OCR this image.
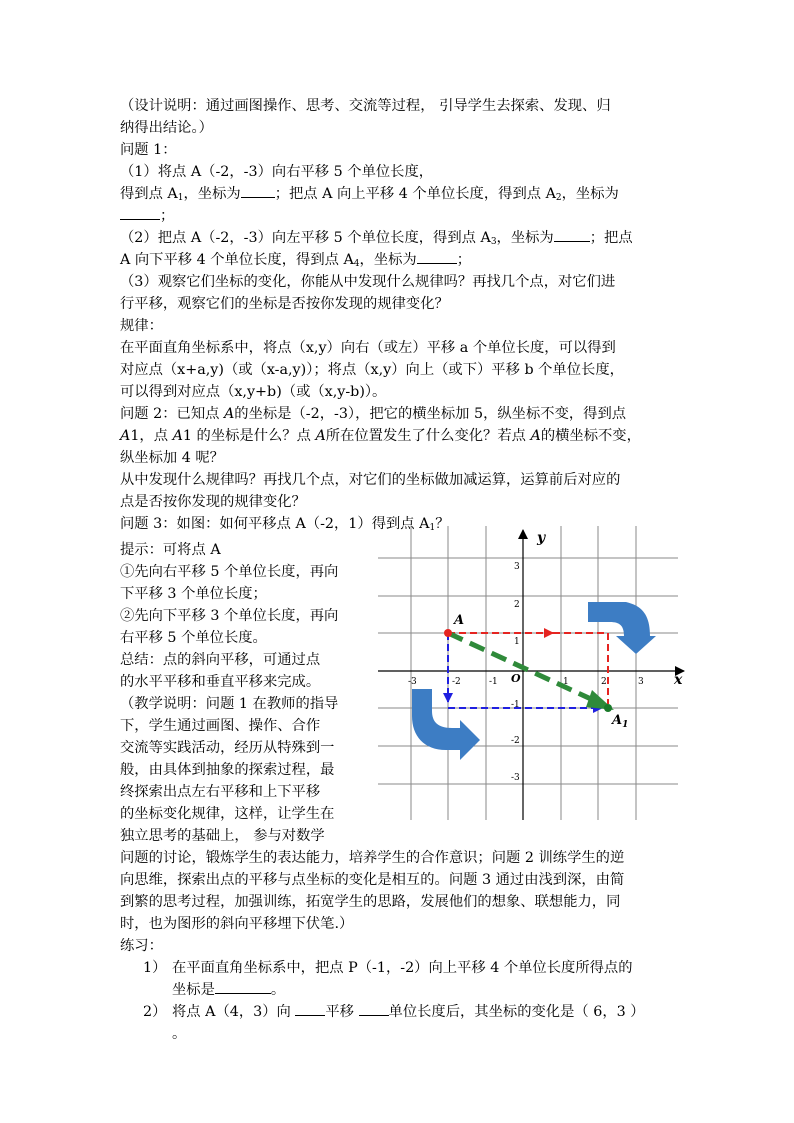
（设计说明：通过画图操作、思考、交流等过程， 引导学生去探索、发现、归
纳得出结论。）
问题 1：
（1）将点 A（-2，-3）向右平移 5 个单位长度，
得到点 $A_1$，坐标为 ；把点 A 向上平移 4 个单位长度，得到点 $A_2$，坐标为
；
（2）把点 A（-2，-3）向左平移 5 个单位长度，得到点 $A_3$，坐标为	；把点
A 向下平移 4 个单位长度，得到点 $A_4$，坐标为	；
（3）观察它们坐标的变化，你能从中发现什么规律吗？再找几个点，对它们进
行平移，观察它们的坐标是否按你发现的规律变化？
规律：
在平面直角坐标系中，将点（x,y）向右（或左）平移 a 个单位长度，可以得到
对应点（x+a,y)（或（x-a,y)）；将点（x,y）向上（或下）平移 b 个单位长度，
可以得到对应点（x,y+b)（或（x,y-b)）。
问题 2：已知点 A的坐标是（-2，-3），把它的横坐标加 5，纵坐标不变，得到点
A1，点 A1 的坐标是什么？点 A所在位置发生了什么变化？若点 A的横坐标不变，
纵坐标加 4 呢？
从中发现什么规律吗？再找几个点，对它们的坐标做加减运算，运算前后对应的
点是否按你发现的规律变化？
问题 3：如图：如何平移点 A（-2，1）得到点 $A_1$？
提示：可将点 A
①先向右平移 5 个单位长度，再向
下平移 3 个单位长度；
②先向下平移 3 个单位长度，再向
右平移 5 个单位长度。
总结：点的斜向平移，可通过点
的水平平移和垂直平移来完成。
（教学说明：问题 1 在教师的指导
下，学生通过画图、操作、合作
交流等实践活动，经历从特殊到一
般，由具体到抽象的探索过程，最
终探索出点左右平移和上下平移
的坐标变化规律，这样，让学生在
独立思考的基础上， 参与对数学
问题的讨论，锻炼学生的表达能力，培养学生的合作意识；问题 2 训练学生的逆
向思维，探索出点的平移与点坐标的变化是相互的。问题 3 通过由浅到深，由简
到繁的思考过程，加强训练，拓宽学生的思路，发展他们的想象、联想能力，同
时，也为图形的斜向平移埋下伏笔.）
练习：
1） 在平面直角坐标系中，把点 P（-1，-2）向上平移 4 个单位长度所得点的
坐标是	。
2） 将点 A（4，3）向 平移 单位长度后，其坐标的变化是（ 6，3 ）
。
-3	-2	-1	1	2	3
3
2
1
-1
-2
-3
x
y
O
A
$A_1$
